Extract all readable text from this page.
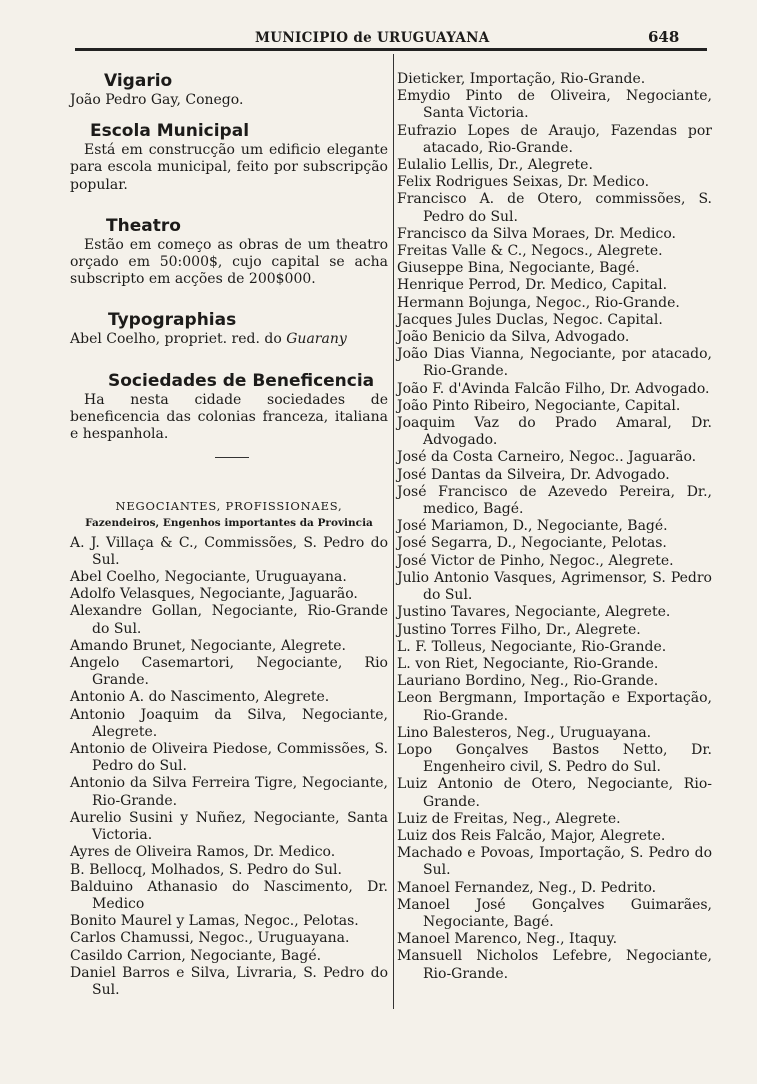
MUNICIPIO de URUGUAYANA	648
Vigario

João Pedro Gay, Conego.

Escola Municipal

Está em construcção um edificio elegante para escola municipal, feito por subscripção popular.

Theatro

Estão em começo as obras de um theatro orçado em 50:000$, cujo capital se acha subscripto em acções de 200$000.

Typographias

Abel Coelho, propriet. red. do Guarany

Sociedades de Beneficencia

Ha nesta cidade sociedades de beneficencia das colonias franceza, italiana e hespanhola.

NEGOCIANTES, PROFISSIONAES,
Fazendeiros, Engenhos importantes da Provincia

A. J. Villaça & C., Commissões, S. Pedro do Sul.

Abel Coelho, Negociante, Uruguayana.

Adolfo Velasques, Negociante, Jaguarão.

Alexandre Gollan, Negociante, Rio-Grande do Sul.

Amando Brunet, Negociante, Alegrete.

Angelo Casemartori, Negociante, Rio Grande.

Antonio A. do Nascimento, Alegrete.

Antonio Joaquim da Silva, Negociante, Alegrete.

Antonio de Oliveira Piedose, Commissões, S. Pedro do Sul.

Antonio da Silva Ferreira Tigre, Negociante, Rio-Grande.

Aurelio Susini y Nuñez, Negociante, Santa Victoria.

Ayres de Oliveira Ramos, Dr. Medico.

B. Bellocq, Molhados, S. Pedro do Sul.

Balduino Athanasio do Nascimento, Dr. Medico

Bonito Maurel y Lamas, Negoc., Pelotas.

Carlos Chamussi, Negoc., Uruguayana.

Casildo Carrion, Negociante, Bagé.

Daniel Barros e Silva, Livraria, S. Pedro do Sul.

Dieticker, Importação, Rio-Grande.

Emydio Pinto de Oliveira, Negociante, Santa Victoria.

Eufrazio Lopes de Araujo, Fazendas por atacado, Rio-Grande.

Eulalio Lellis, Dr., Alegrete.

Felix Rodrigues Seixas, Dr. Medico.

Francisco A. de Otero, commissões, S. Pedro do Sul.

Francisco da Silva Moraes, Dr. Medico.

Freitas Valle & C., Negocs., Alegrete.

Giuseppe Bina, Negociante, Bagé.

Henrique Perrod, Dr. Medico, Capital.

Hermann Bojunga, Negoc., Rio-Grande.

Jacques Jules Duclas, Negoc. Capital.

João Benicio da Silva, Advogado.

João Dias Vianna, Negociante, por atacado, Rio-Grande.

João F. d'Avinda Falcão Filho, Dr. Advogado.

João Pinto Ribeiro, Negociante, Capital.

Joaquim Vaz do Prado Amaral, Dr. Advogado.

José da Costa Carneiro, Negoc.. Jaguarão.

José Dantas da Silveira, Dr. Advogado.

José Francisco de Azevedo Pereira, Dr., medico, Bagé.

José Mariamon, D., Negociante, Bagé.

José Segarra, D., Negociante, Pelotas.

José Victor de Pinho, Negoc., Alegrete.

Julio Antonio Vasques, Agrimensor, S. Pedro do Sul.

Justino Tavares, Negociante, Alegrete.

Justino Torres Filho, Dr., Alegrete.

L. F. Tolleus, Negociante, Rio-Grande.

L. von Riet, Negociante, Rio-Grande.

Lauriano Bordino, Neg., Rio-Grande.

Leon Bergmann, Importação e Exportação, Rio-Grande.

Lino Balesteros, Neg., Uruguayana.

Lopo Gonçalves Bastos Netto, Dr. Engenheiro civil, S. Pedro do Sul.

Luiz Antonio de Otero, Negociante, Rio-Grande.

Luiz de Freitas, Neg., Alegrete.

Luiz dos Reis Falcão, Major, Alegrete.

Machado e Povoas, Importação, S. Pedro do Sul.

Manoel Fernandez, Neg., D. Pedrito.

Manoel José Gonçalves Guimarães, Negociante, Bagé.

Manoel Marenco, Neg., Itaquy.

Mansuell Nicholos Lefebre, Negociante, Rio-Grande.
